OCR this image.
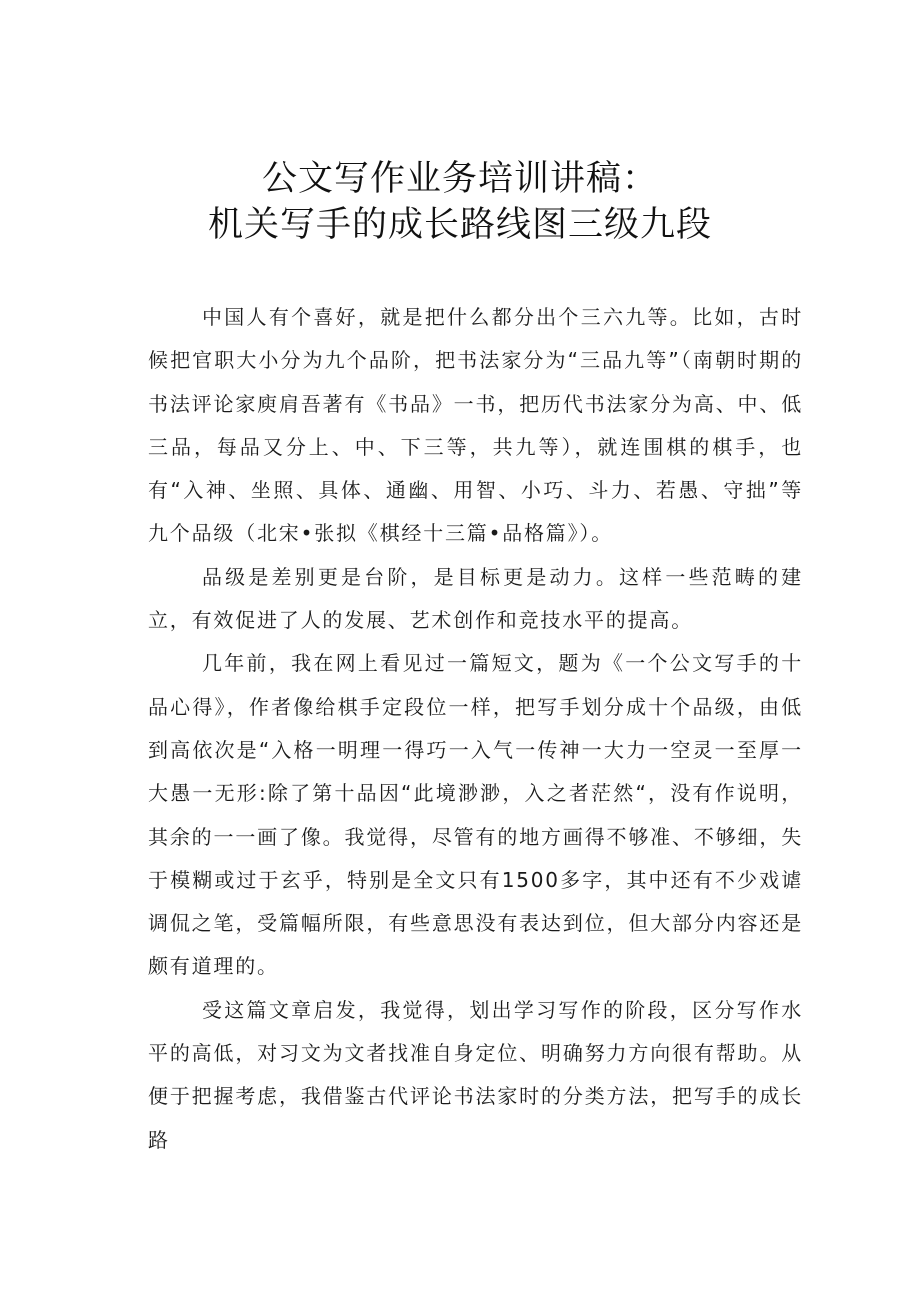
公文写作业务培训讲稿：
机关写手的成长路线图三级九段

中国人有个喜好，就是把什么都分出个三六九等。比如，古时候把官职大小分为九个品阶，把书法家分为“三品九等”（南朝时期的书法评论家庾肩吾著有《书品》一书，把历代书法家分为高、中、低三品，每品又分上、中、下三等，共九等），就连围棋的棋手，也有“入神、坐照、具体、通幽、用智、小巧、斗力、若愚、守拙”等九个品级（北宋•张拟《棋经十三篇•品格篇》）。

品级是差别更是台阶，是目标更是动力。这样一些范畴的建立，有效促进了人的发展、艺术创作和竞技水平的提高。

几年前，我在网上看见过一篇短文，题为《一个公文写手的十品心得》，作者像给棋手定段位一样，把写手划分成十个品级，由低到高依次是“入格一明理一得巧一入气一传神一大力一空灵一至厚一大愚一无形:除了第十品因“此境渺渺，入之者茫然“，没有作说明，其余的一一画了像。我觉得，尽管有的地方画得不够准、不够细，失于模糊或过于玄乎，特别是全文只有1500多字，其中还有不少戏谑调侃之笔，受篇幅所限，有些意思没有表达到位，但大部分内容还是颇有道理的。

受这篇文章启发，我觉得，划出学习写作的阶段，区分写作水平的高低，对习文为文者找准自身定位、明确努力方向很有帮助。从便于把握考虑，我借鉴古代评论书法家时的分类方法，把写手的成长路
